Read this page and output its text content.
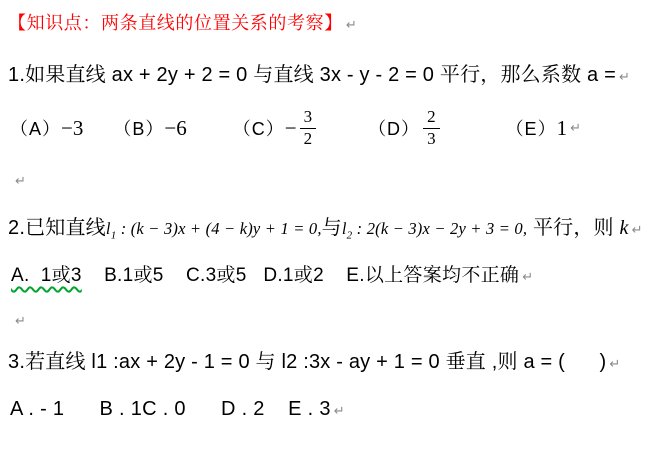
【知识点：两条直线的位置关系的考察】 ↵
1.如果直线 ax + 2y + 2 = 0 与直线 3x - y - 2 = 0 平行，那么系数 a = ↵
（A） −3 （B） −6	$(C) - \frac{3}{2}$	$(D) \frac{2}{3}$	（E） 1 ↵
↵
2.已知直线$l_1$ : (k − 3)x + (4 − k)y + 1 = 0,与$l_2$ : 2(k − 3)x − 2y + 3 = 0, 平行，则 k ↵
A.  1或3    B.1或5    C.3或5   D.1或2    E.以上答案均不正确 ↵
↵
3.若直线 l1 :ax + 2y - 1 = 0 与 l2 :3x - ay + 1 = 0 垂直 ,则 a = (      ) ↵
A . - 1      B . 1C . 0      D . 2    E . 3 ↵
